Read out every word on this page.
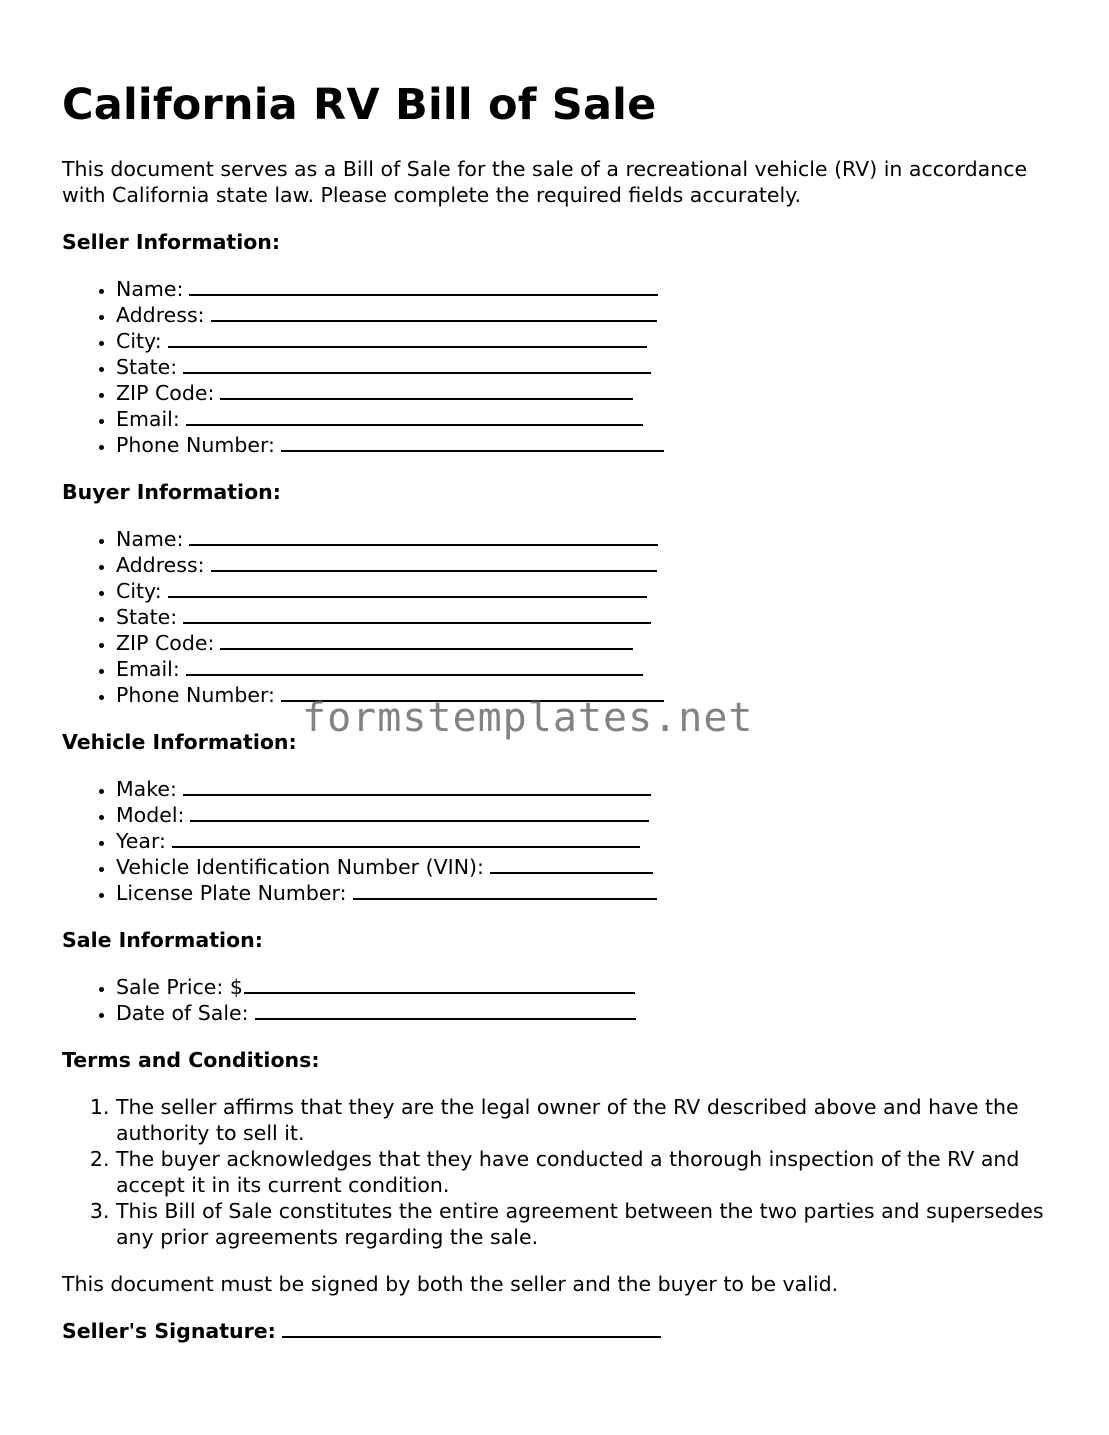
California RV Bill of Sale

This document serves as a Bill of Sale for the sale of a recreational vehicle (RV) in accordance with California state law. Please complete the required fields accurately.

Seller Information:
• Name:
• Address:
• City:
• State:
• ZIP Code:
• Email:
• Phone Number:
Buyer Information:
• Name:
• Address:
• City:
• State:
• ZIP Code:
• Email:
• Phone Number:
Vehicle Information:
• Make:
• Model:
• Year:
• Vehicle Identification Number (VIN):
• License Plate Number:
Sale Information:
• Sale Price: $
• Date of Sale:
Terms and Conditions:
1. The seller affirms that they are the legal owner of the RV described above and have the authority to sell it.
2. The buyer acknowledges that they have conducted a thorough inspection of the RV and accept it in its current condition.
3. This Bill of Sale constitutes the entire agreement between the two parties and supersedes any prior agreements regarding the sale.

This document must be signed by both the seller and the buyer to be valid.

Seller's Signature:

formstemplates.net
